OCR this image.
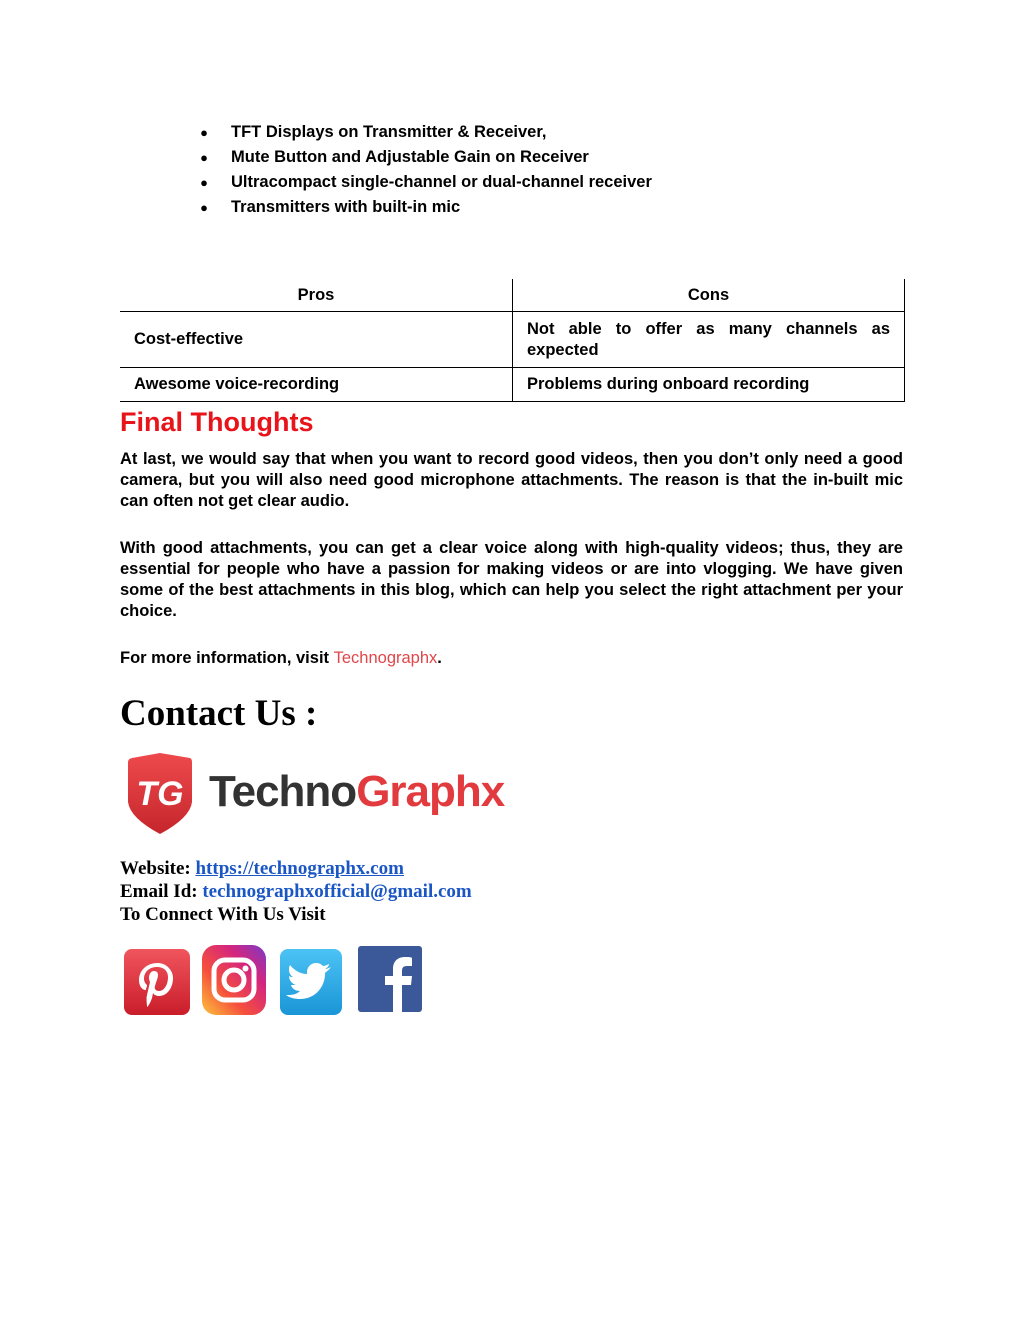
● TFT Displays on Transmitter & Receiver,
● Mute Button and Adjustable Gain on Receiver
● Ultracompact single-channel or dual-channel receiver
● Transmitters with built-in mic
Pros	Cons
Cost-effective	Not able to offer as many channels as expected
Awesome voice-recording	Problems during onboard recording
Final Thoughts

At last, we would say that when you want to record good videos, then you don’t only need a good camera, but you will also need good microphone attachments. The reason is that the in-built mic can often not get clear audio.

With good attachments, you can get a clear voice along with high-quality videos; thus, they are essential for people who have a passion for making videos or are into vlogging. We have given some of the best attachments in this blog, which can help you select the right attachment per your choice.

For more information, visit Technographx.

Contact Us :
TG TechnoGraphx
Website: https://technographx.com
Email Id: technographxofficial@gmail.com
To Connect With Us Visit
